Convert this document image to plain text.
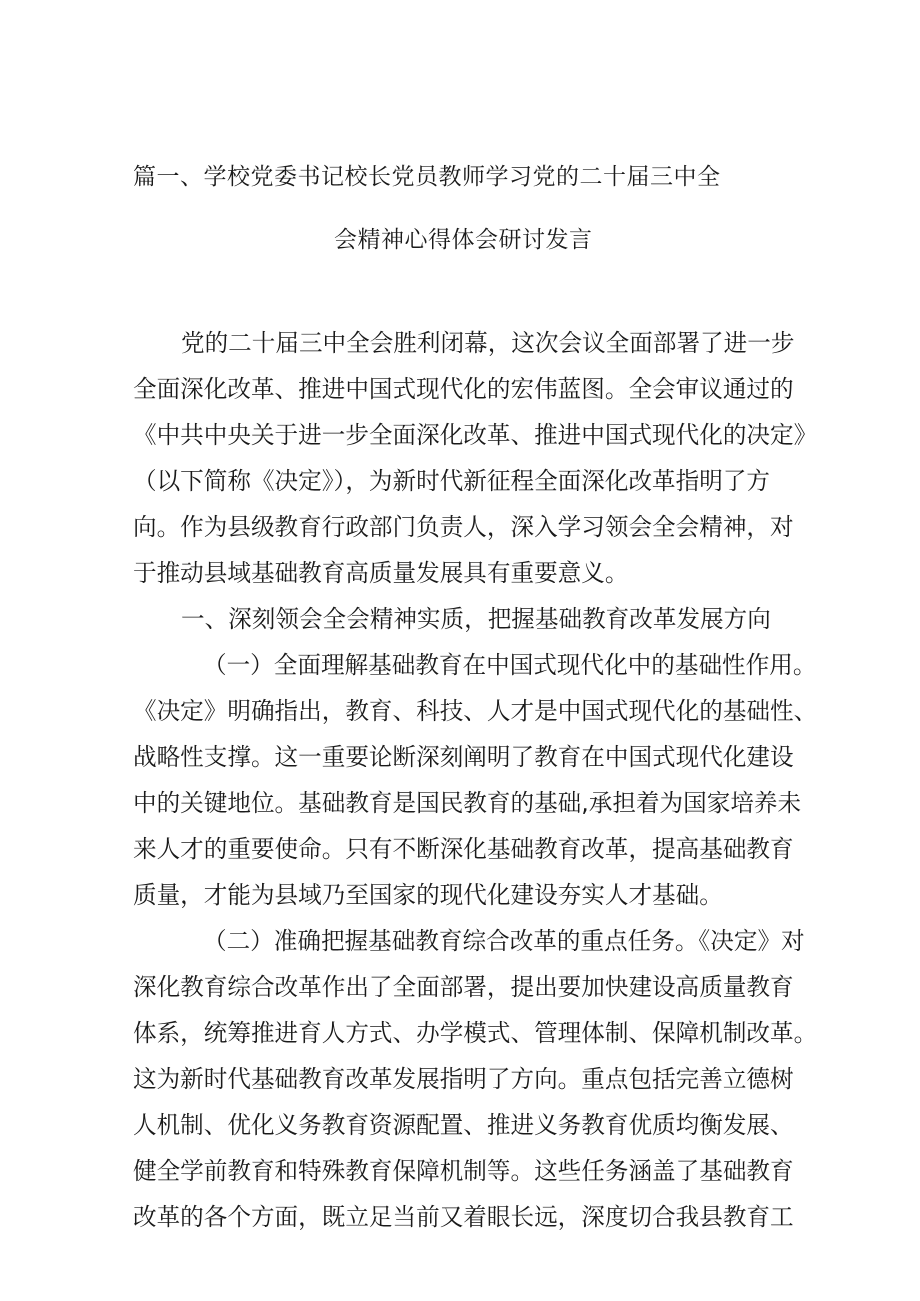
篇一、学校党委书记校长党员教师学习党的二十届三中全
会精神心得体会研讨发言
党的二十届三中全会胜利闭幕，这次会议全面部署了进一步
全面深化改革、推进中国式现代化的宏伟蓝图。全会审议通过的
《中共中央关于进一步全面深化改革、推进中国式现代化的决定》
（以下简称《决定》），为新时代新征程全面深化改革指明了方
向。作为县级教育行政部门负责人，深入学习领会全会精神，对
于推动县域基础教育高质量发展具有重要意义。
一、深刻领会全会精神实质，把握基础教育改革发展方向
（一）全面理解基础教育在中国式现代化中的基础性作用。
《决定》明确指出，教育、科技、人才是中国式现代化的基础性、
战略性支撑。这一重要论断深刻阐明了教育在中国式现代化建设
中的关键地位。基础教育是国民教育的基础,承担着为国家培养未
来人才的重要使命。只有不断深化基础教育改革，提高基础教育
质量，才能为县域乃至国家的现代化建设夯实人才基础。
（二）准确把握基础教育综合改革的重点任务。《决定》对
深化教育综合改革作出了全面部署，提出要加快建设高质量教育
体系，统筹推进育人方式、办学模式、管理体制、保障机制改革。
这为新时代基础教育改革发展指明了方向。重点包括完善立德树
人机制、优化义务教育资源配置、推进义务教育优质均衡发展、
健全学前教育和特殊教育保障机制等。这些任务涵盖了基础教育
改革的各个方面，既立足当前又着眼长远，深度切合我县教育工
